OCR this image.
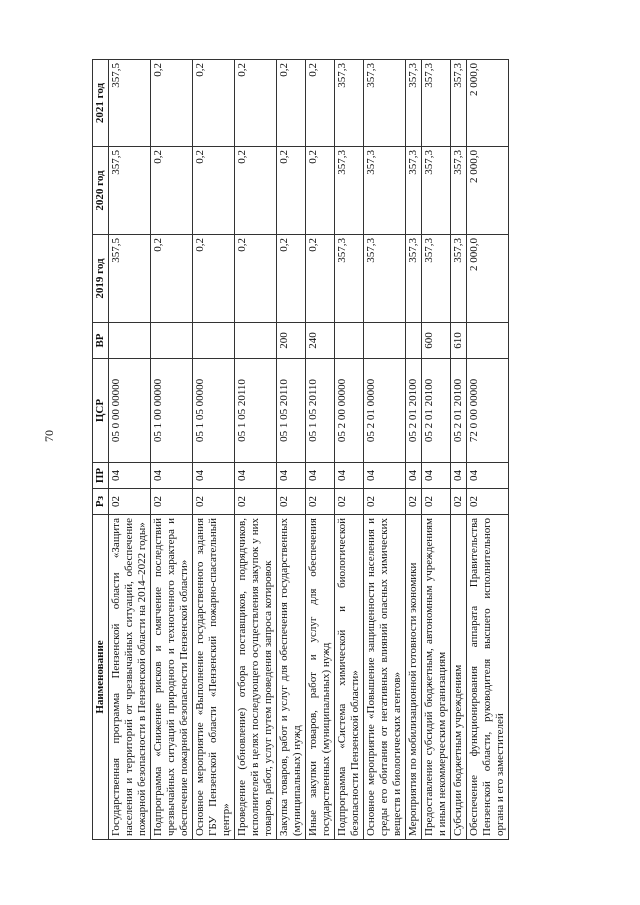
70
Наименование	Рз	ПР	ЦСР	ВР	2019 год	2020 год	2021 год
Государственная программа Пензенской области «Защита населения и территорий от чрезвычайных ситуаций, обеспечение пожарной безопасности в Пензенской области на 2014–2022 годы»	02	04	05 0 00 00000		357,5	357,5	357,5
Подпрограмма «Снижение рисков и смягчение последствий чрезвычайных ситуаций природного и техногенного характера и обеспечение пожарной безопасности Пензенской области»	02	04	05 1 00 00000		0,2	0,2	0,2
Основное мероприятие «Выполнение государственного задания ГБУ Пензенской области «Пензенский пожарно-спасательный центр»	02	04	05 1 05 00000		0,2	0,2	0,2
Проведение (обновление) отбора поставщиков, подрядчиков, исполнителей в целях последующего осуществления закупок у них товаров, работ, услуг путем проведения запроса котировок	02	04	05 1 05 20110		0,2	0,2	0,2
Закупка товаров, работ и услуг для обеспечения государственных (муниципальных) нужд	02	04	05 1 05 20110	200	0,2	0,2	0,2
Иные закупки товаров, работ и услуг для обеспечения государственных (муниципальных) нужд	02	04	05 1 05 20110	240	0,2	0,2	0,2
Подпрограмма «Система химической и биологической безопасности Пензенской области»	02	04	05 2 00 00000		357,3	357,3	357,3
Основное мероприятие «Повышение защищенности населения и среды его обитания от негативных влияний опасных химических веществ и биологических агентов»	02	04	05 2 01 00000		357,3	357,3	357,3
Мероприятия по мобилизационной готовности экономики	02	04	05 2 01 20100		357,3	357,3	357,3
Предоставление субсидий бюджетным, автономным учреждениям и иным некоммерческим организациям	02	04	05 2 01 20100	600	357,3	357,3	357,3
Субсидии бюджетным учреждениям	02	04	05 2 01 20100	610	357,3	357,3	357,3
Обеспечение функционирования аппарата Правительства Пензенской области, руководителя высшего исполнительного органа и его заместителей	02	04	72 0 00 00000		2 000,0	2 000,0	2 000,0
